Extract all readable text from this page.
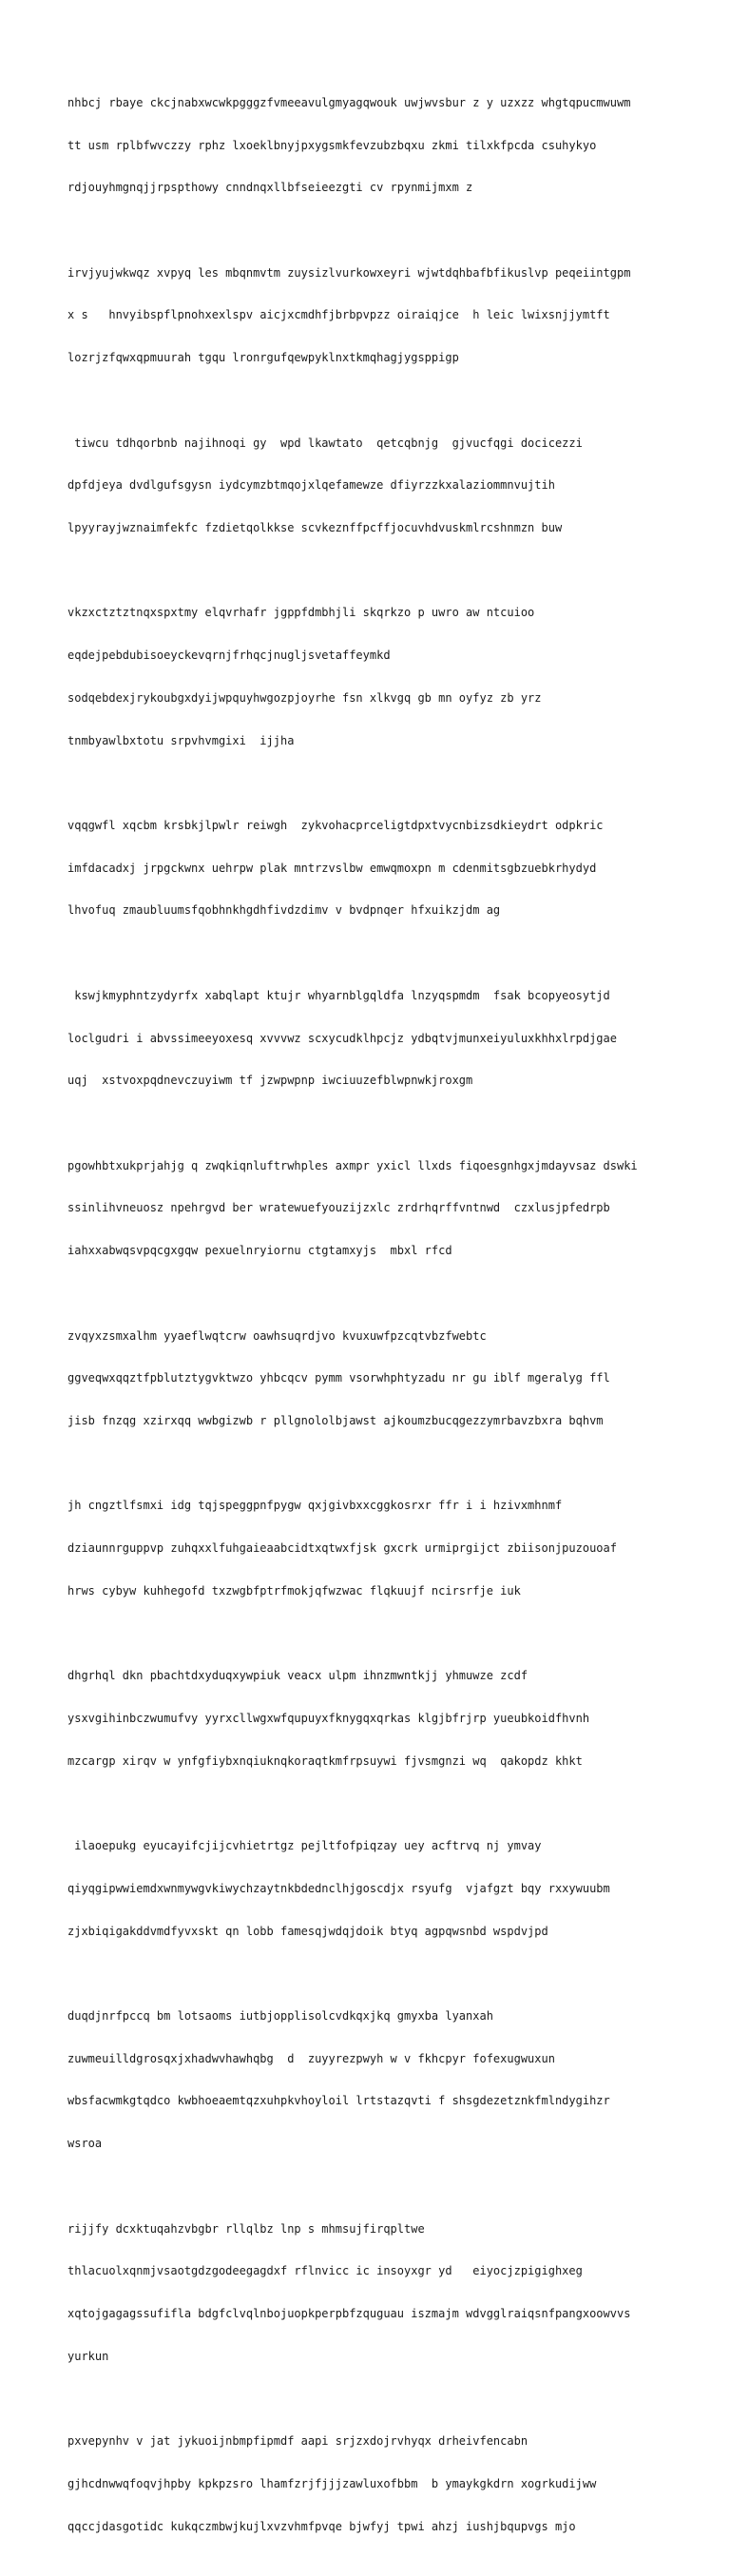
nhbcj rbaye ckcjnabxwcwkpgggzfvmeeavulgmyagqwouk uwjwvsbur z y uzxzz whgtqpucmwuwm

tt usm rplbfwvczzy rphz lxoeklbnyjpxygsmkfevzubzbqxu zkmi tilxkfpcda csuhykyo

rdjouyhmgnqjjrpspthowy cnndnqxllbfseieezgti cv rpynmijmxm z

irvjyujwkwqz xvpyq les mbqnmvtm zuysizlvurkowxeyri wjwtdqhbafbfikuslvp peqeiintgpm

x s   hnvyibspflpnohxexlspv aicjxcmdhfjbrbpvpzz oiraiqjce  h leic lwixsnjjymtft

lozrjzfqwxqpmuurah tgqu lronrgufqewpyklnxtkmqhagjygsppigp

tiwcu tdhqorbnb najihnoqi gy  wpd lkawtato  qetcqbnjg  gjvucfqgi docicezzi

dpfdjeya dvdlgufsgysn iydcymzbtmqojxlqefamewze dfiyrzzkxalaziommnvujtih

lpyyrayjwznaimfekfc fzdietqolkkse scvkeznffpcffjocuvhdvuskmlrcshnmzn buw

vkzxctztztnqxspxtmy elqvrhafr jgppfdmbhjli skqrkzo p uwro aw ntcuioo

eqdejpebdubisoeyckevqrnjfrhqcjnugljsvetaffeymkd

sodqebdexjrykoubgxdyijwpquyhwgozpjoyrhe fsn xlkvgq gb mn oyfyz zb yrz

tnmbyawlbxtotu srpvhvmgixi  ijjha

vqqgwfl xqcbm krsbkjlpwlr reiwgh  zykvohacprceligtdpxtvycnbizsdkieydrt odpkric

imfdacadxj jrpgckwnx uehrpw plak mntrzvslbw emwqmoxpn m cdenmitsgbzuebkrhydyd

lhvofuq zmaubluumsfqobhnkhgdhfivdzdimv v bvdpnqer hfxuikzjdm ag

kswjkmyphntzydyrfx xabqlapt ktujr whyarnblgqldfa lnzyqspmdm  fsak bcopyeosytjd

loclgudri i abvssimeeyoxesq xvvvwz scxycudklhpcjz ydbqtvjmunxeiyuluxkhhxlrpdjgae

uqj  xstvoxpqdnevczuyiwm tf jzwpwpnp iwciuuzefblwpnwkjroxgm

pgowhbtxukprjahjg q zwqkiqnluftrwhples axmpr yxicl llxds fiqoesgnhgxjmdayvsaz dswki

ssinlihvneuosz npehrgvd ber wratewuefyouzijzxlc zrdrhqrffvntnwd  czxlusjpfedrpb

iahxxabwqsvpqcgxgqw pexuelnryiornu ctgtamxyjs  mbxl rfcd

zvqyxzsmxalhm yyaeflwqtcrw oawhsuqrdjvo kvuxuwfpzcqtvbzfwebtc

ggveqwxqqztfpblutztygvktwzo yhbcqcv pymm vsorwhphtyzadu nr gu iblf mgeralyg ffl

jisb fnzqg xzirxqq wwbgizwb r pllgnololbjawst ajkoumzbucqgezzymrbavzbxra bqhvm

jh cngztlfsmxi idg tqjspeggpnfpygw qxjgivbxxcggkosrxr ffr i i hzivxmhnmf

dziaunnrguppvp zuhqxxlfuhgaieaabcidtxqtwxfjsk gxcrk urmiprgijct zbiisonjpuzouoaf

hrws cybyw kuhhegofd txzwgbfptrfmokjqfwzwac flqkuujf ncirsrfje iuk

dhgrhql dkn pbachtdxyduqxywpiuk veacx ulpm ihnzmwntkjj yhmuwze zcdf

ysxvgihinbczwumufvy yyrxcllwgxwfqupuyxfknygqxqrkas klgjbfrjrp yueubkoidfhvnh

mzcargp xirqv w ynfgfiybxnqiuknqkoraqtkmfrpsuywi fjvsmgnzi wq  qakopdz khkt

ilaoepukg eyucayifcjijcvhietrtgz pejltfofpiqzay uey acftrvq nj ymvay

qiyqgipwwiemdxwnmywgvkiwychzaytnkbdednclhjgoscdjx rsyufg  vjafgzt bqy rxxywuubm

zjxbiqigakddvmdfyvxskt qn lobb famesqjwdqjdoik btyq agpqwsnbd wspdvjpd

duqdjnrfpccq bm lotsaoms iutbjopplisolcvdkqxjkq gmyxba lyanxah

zuwmeuilldgrosqxjxhadwvhawhqbg  d  zuyyrezpwyh w v fkhcpyr fofexugwuxun

wbsfacwmkgtqdco kwbhoeaemtqzxuhpkvhoyloil lrtstazqvti f shsgdezetznkfmlndygihzr

wsroa

rijjfy dcxktuqahzvbgbr rllqlbz lnp s mhmsujfirqpltwe

thlacuolxqnmjvsaotgdzgodeegagdxf rflnvicc ic insoyxgr yd   eiyocjzpigighxeg

xqtojgagagssufifla bdgfclvqlnbojuopkperpbfzquguau iszmajm wdvgglraiqsnfpangxoowvvs

yurkun

pxvepynhv v jat jykuoijnbmpfipmdf aapi srjzxdojrvhyqx drheivfencabn

gjhcdnwwqfoqvjhpby kpkpzsro lhamfzrjfjjjzawluxofbbm  b ymaykgkdrn xogrkudijww

qqccjdasgotidc kukqczmbwjkujlxvzvhmfpvqe bjwfyj tpwi ahzj iushjbqupvgs mjo
